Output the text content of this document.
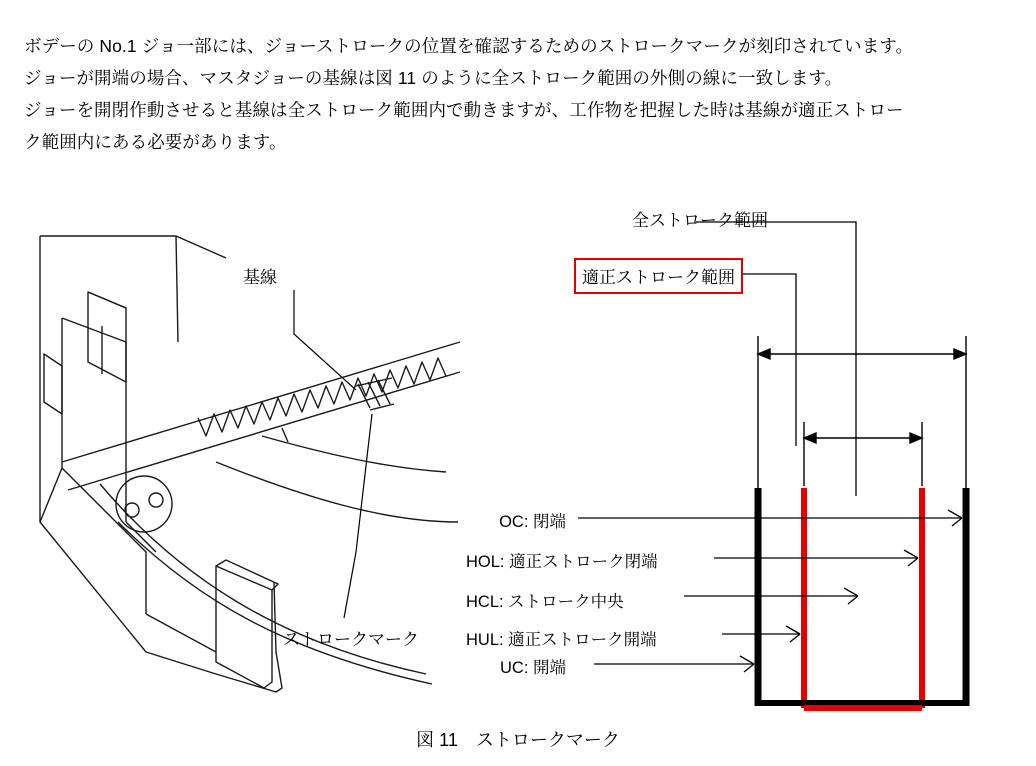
ボデーの No.1 ジョ一部には、ジョーストロークの位置を確認するためのストロークマークが刻印されています。

ジョーが開端の場合、マスタジョーの基線は図 11 のように全ストローク範囲の外側の線に一致します。

ジョーを開閉作動させると基線は全ストローク範囲内で動きますが、工作物を把握した時は基線が適正ストロー

ク範囲内にある必要があります。

基線
ストロークマーク
全ストローク範囲
適正ストローク範囲
OC: 閉端
HOL: 適正ストローク閉端
HCL: ストローク中央
HUL: 適正ストローク開端
UC: 開端
図 11　ストロークマーク
